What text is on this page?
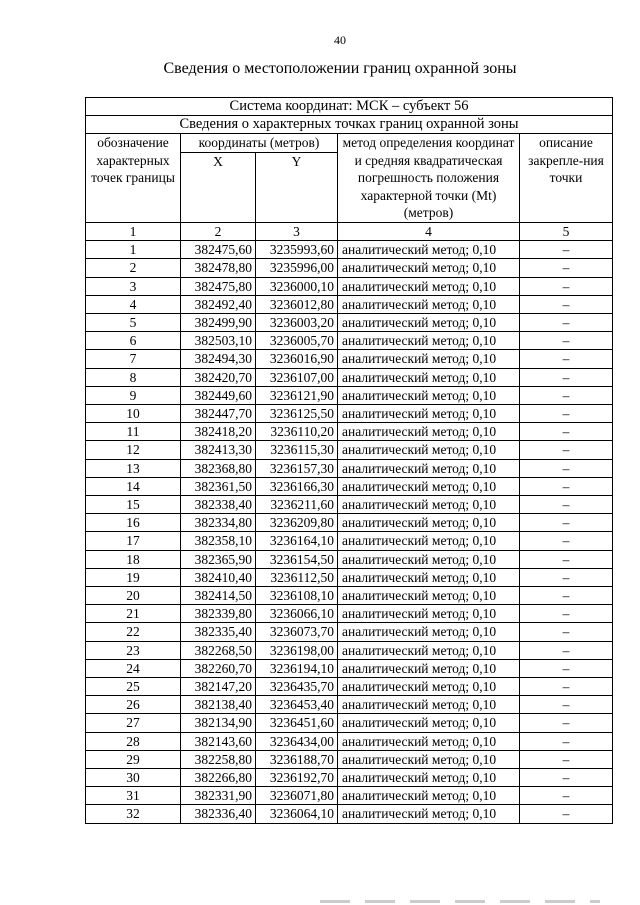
40
Сведения о местоположении границ охранной зоны
Система координат: МСК – субъект 56				
Сведения о характерных точках границ охранной зоны				
обозначение характерных точек границы	координаты (метров)		метод определения координат и средняя квадратическая погрешность положения характерной точки (Mt) (метров)	описание закрепле-ния точки
	X	Y		
1	2	3	4	5
1	382475,60	3235993,60	аналитический метод; 0,10	–
2	382478,80	3235996,00	аналитический метод; 0,10	–
3	382475,80	3236000,10	аналитический метод; 0,10	–
4	382492,40	3236012,80	аналитический метод; 0,10	–
5	382499,90	3236003,20	аналитический метод; 0,10	–
6	382503,10	3236005,70	аналитический метод; 0,10	–
7	382494,30	3236016,90	аналитический метод; 0,10	–
8	382420,70	3236107,00	аналитический метод; 0,10	–
9	382449,60	3236121,90	аналитический метод; 0,10	–
10	382447,70	3236125,50	аналитический метод; 0,10	–
11	382418,20	3236110,20	аналитический метод; 0,10	–
12	382413,30	3236115,30	аналитический метод; 0,10	–
13	382368,80	3236157,30	аналитический метод; 0,10	–
14	382361,50	3236166,30	аналитический метод; 0,10	–
15	382338,40	3236211,60	аналитический метод; 0,10	–
16	382334,80	3236209,80	аналитический метод; 0,10	–
17	382358,10	3236164,10	аналитический метод; 0,10	–
18	382365,90	3236154,50	аналитический метод; 0,10	–
19	382410,40	3236112,50	аналитический метод; 0,10	–
20	382414,50	3236108,10	аналитический метод; 0,10	–
21	382339,80	3236066,10	аналитический метод; 0,10	–
22	382335,40	3236073,70	аналитический метод; 0,10	–
23	382268,50	3236198,00	аналитический метод; 0,10	–
24	382260,70	3236194,10	аналитический метод; 0,10	–
25	382147,20	3236435,70	аналитический метод; 0,10	–
26	382138,40	3236453,40	аналитический метод; 0,10	–
27	382134,90	3236451,60	аналитический метод; 0,10	–
28	382143,60	3236434,00	аналитический метод; 0,10	–
29	382258,80	3236188,70	аналитический метод; 0,10	–
30	382266,80	3236192,70	аналитический метод; 0,10	–
31	382331,90	3236071,80	аналитический метод; 0,10	–
32	382336,40	3236064,10	аналитический метод; 0,10	–
